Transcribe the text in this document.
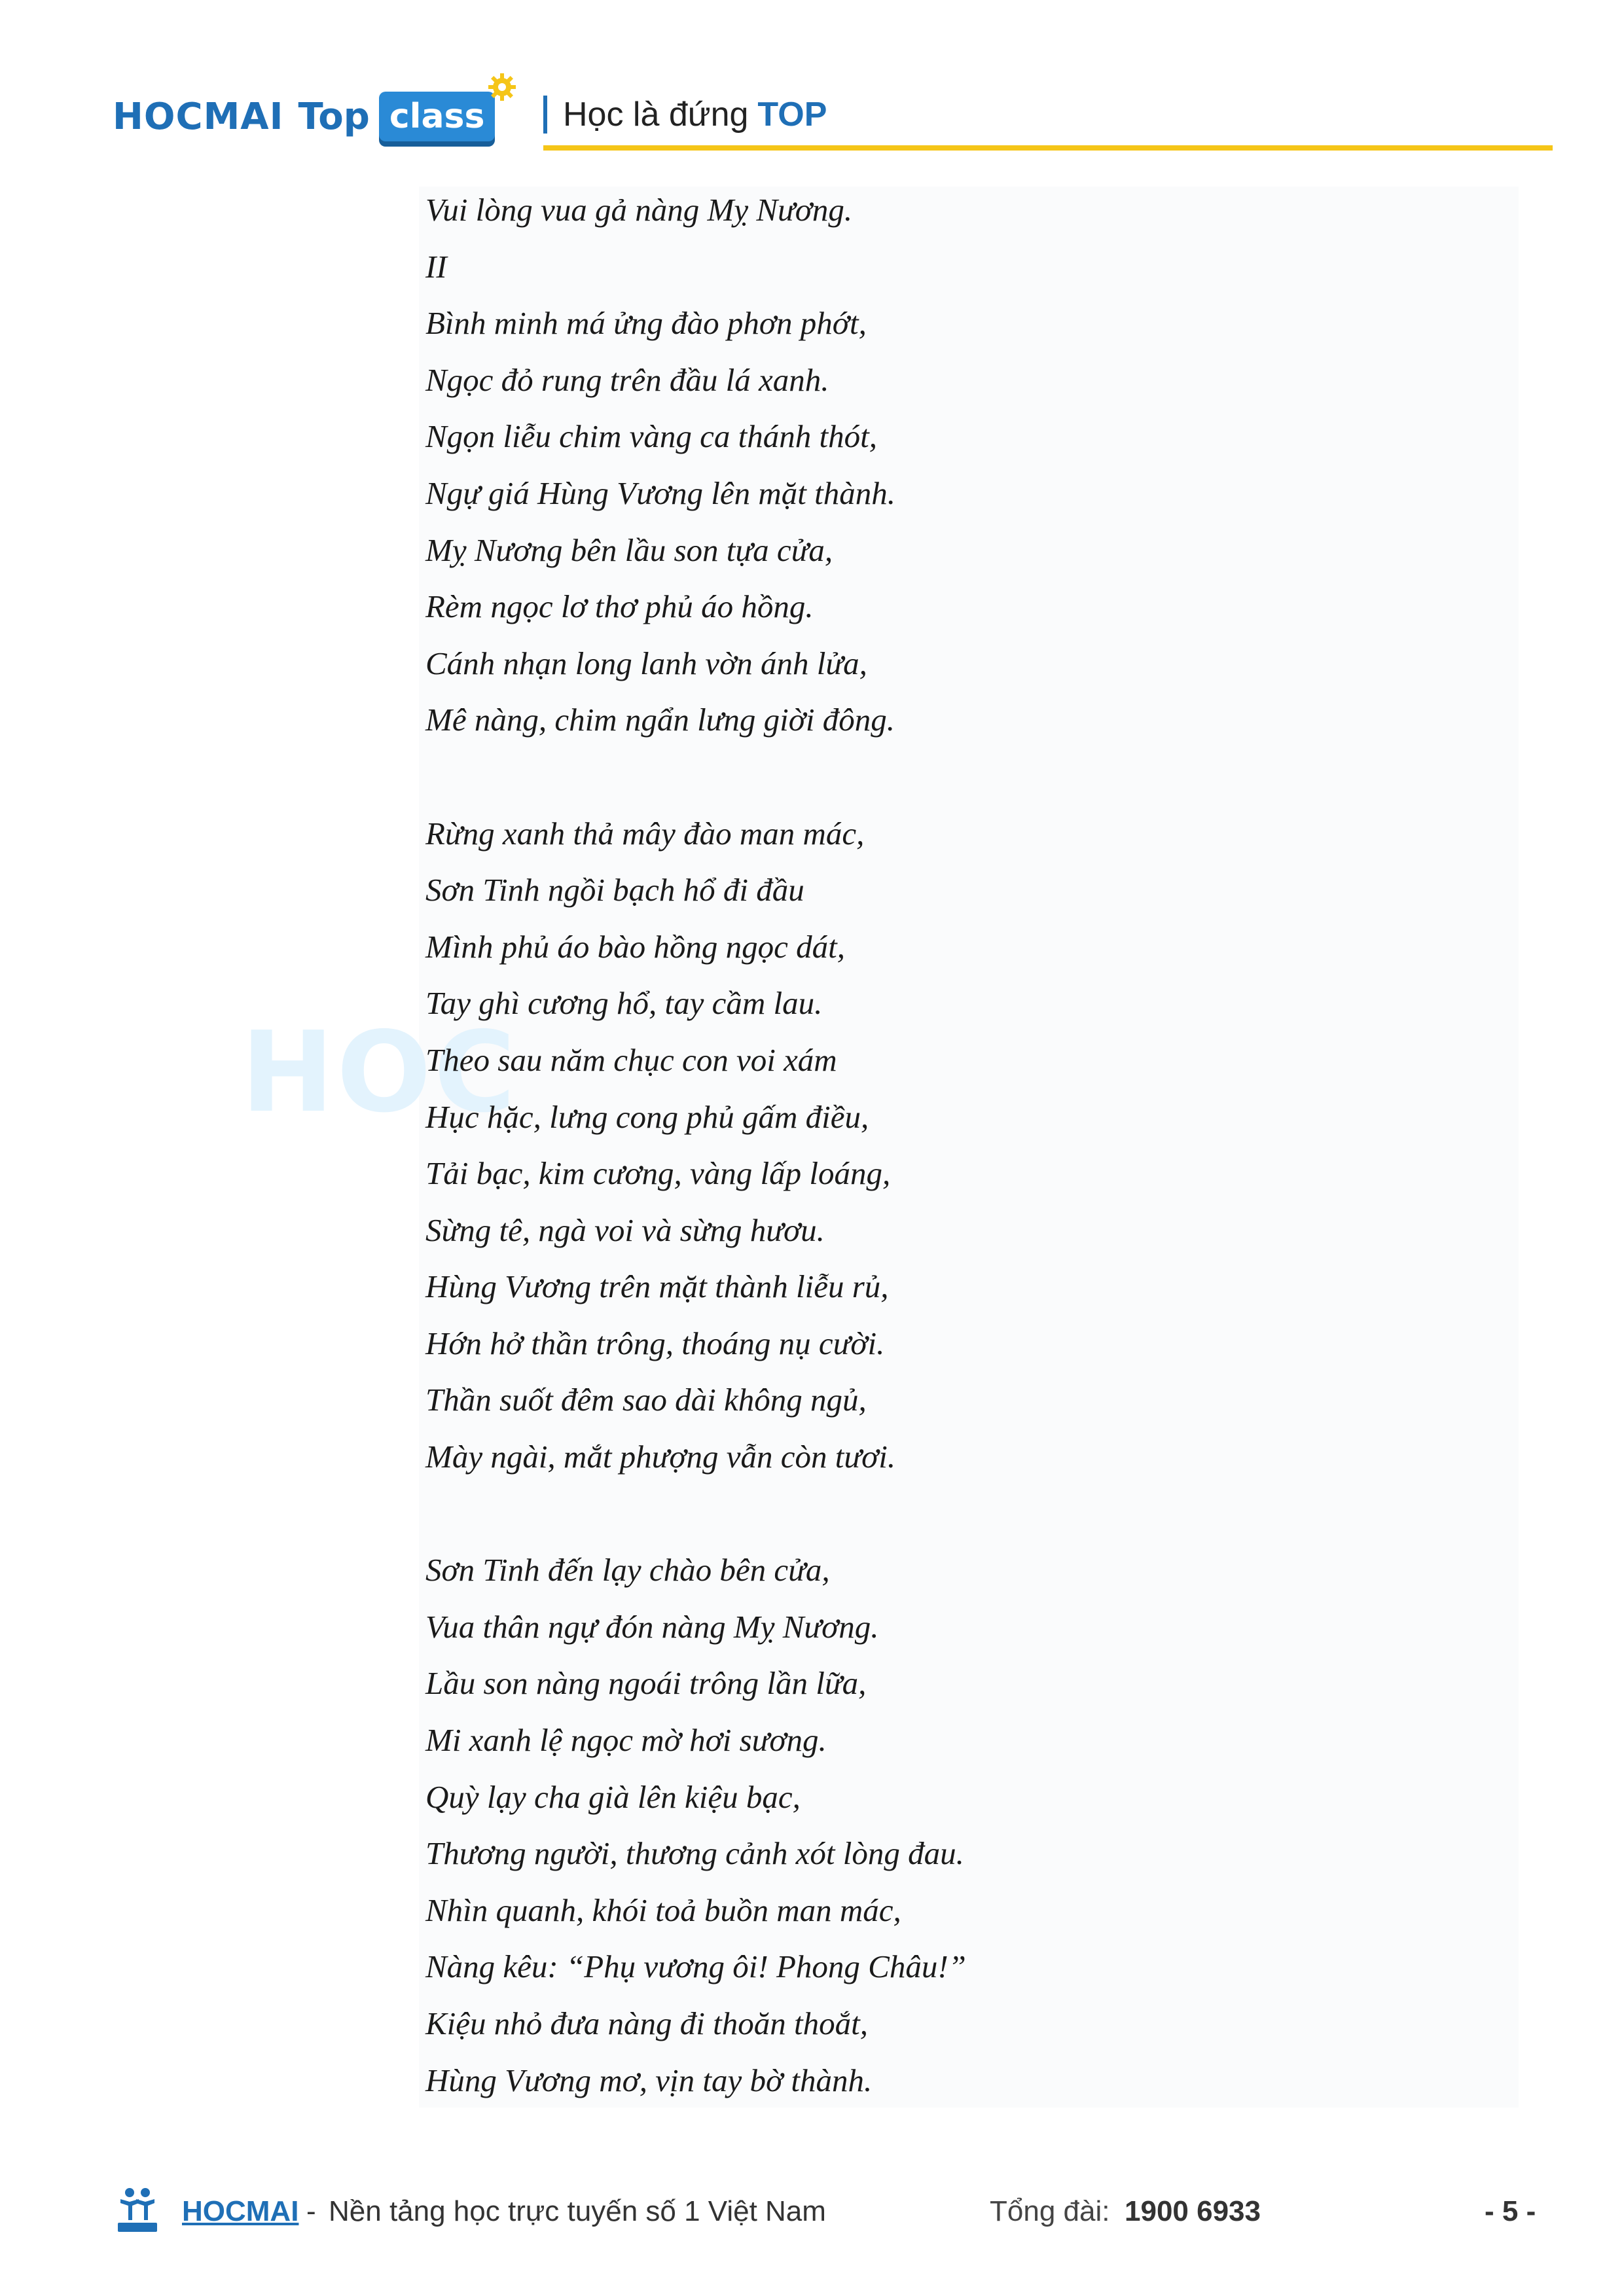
HOCMAI Top class	Học là đứng TOP
HOC
Vui lòng vua gả nàng Mỵ Nương.
II
Bình minh má ửng đào phơn phớt,
Ngọc đỏ rung trên đầu lá xanh.
Ngọn liễu chim vàng ca thánh thót,
Ngự giá Hùng Vương lên mặt thành.
Mỵ Nương bên lầu son tựa cửa,
Rèm ngọc lơ thơ phủ áo hồng.
Cánh nhạn long lanh vờn ánh lửa,
Mê nàng, chim ngẩn lưng giời đông.
Rừng xanh thả mây đào man mác,
Sơn Tinh ngồi bạch hổ đi đầu
Mình phủ áo bào hồng ngọc dát,
Tay ghì cương hổ, tay cầm lau.
Theo sau năm chục con voi xám
Hục hặc, lưng cong phủ gấm điều,
Tải bạc, kim cương, vàng lấp loáng,
Sừng tê, ngà voi và sừng hươu.
Hùng Vương trên mặt thành liễu rủ,
Hớn hở thần trông, thoáng nụ cười.
Thần suốt đêm sao dài không ngủ,
Mày ngài, mắt phượng vẫn còn tươi.
Sơn Tinh đến lạy chào bên cửa,
Vua thân ngự đón nàng Mỵ Nương.
Lầu son nàng ngoái trông lần lữa,
Mi xanh lệ ngọc mờ hơi sương.
Quỳ lạy cha già lên kiệu bạc,
Thương người, thương cảnh xót lòng đau.
Nhìn quanh, khói toả buồn man mác,
Nàng kêu: “Phụ vương ôi! Phong Châu!”
Kiệu nhỏ đưa nàng đi thoăn thoắt,
Hùng Vương mơ, vịn tay bờ thành.
HOCMAI - Nền tảng học trực tuyến số 1 Việt Nam	Tổng đài: 1900 6933	- 5 -
